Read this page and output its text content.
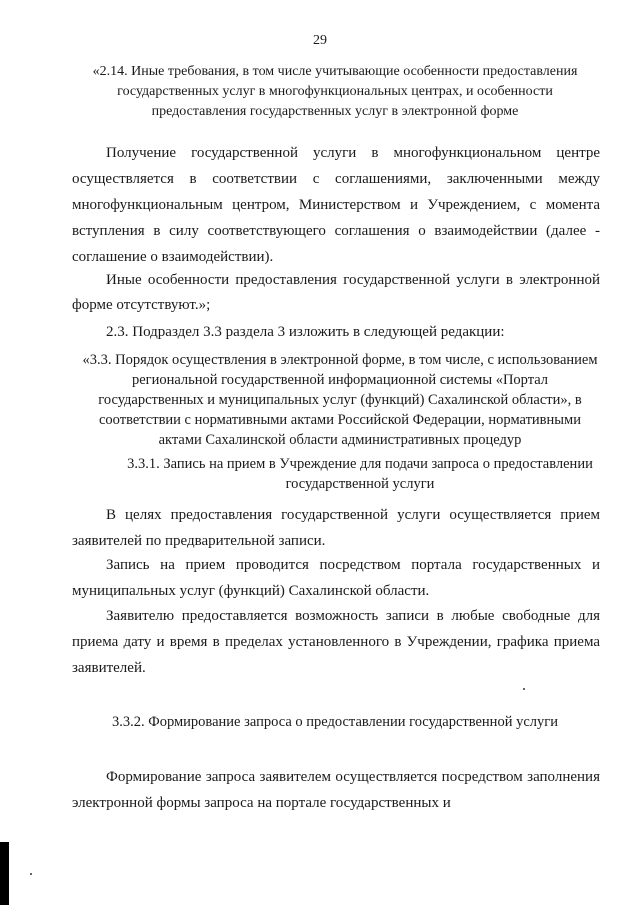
29
«2.14. Иные требования, в том числе учитывающие особенности предоставления государственных услуг в многофункциональных центрах, и особенности предоставления государственных услуг в электронной форме
Получение государственной услуги в многофункциональном центре осуществляется в соответствии с соглашениями, заключенными между многофункциональным центром, Министерством и Учреждением, с момента вступления в силу соответствующего соглашения о взаимодействии (далее - соглашение о взаимодействии).
Иные особенности предоставления государственной услуги в электронной форме отсутствуют.»;
2.3. Подраздел 3.3 раздела 3 изложить в следующей редакции:
«3.3. Порядок осуществления в электронной форме, в том числе, с использованием региональной государственной информационной системы «Портал государственных и муниципальных услуг (функций) Сахалинской области», в соответствии с нормативными актами Российской Федерации, нормативными актами Сахалинской области административных процедур
3.3.1. Запись на прием в Учреждение для подачи запроса о предоставлении государственной услуги
В целях предоставления государственной услуги осуществляется прием заявителей по предварительной записи.
Запись на прием проводится посредством портала государственных и муниципальных услуг (функций) Сахалинской области.
Заявителю предоставляется возможность записи в любые свободные для приема дату и время в пределах установленного в Учреждении, графика приема заявителей.
3.3.2. Формирование запроса о предоставлении государственной услуги
Формирование запроса заявителем осуществляется посредством заполнения электронной формы запроса на портале государственных и
